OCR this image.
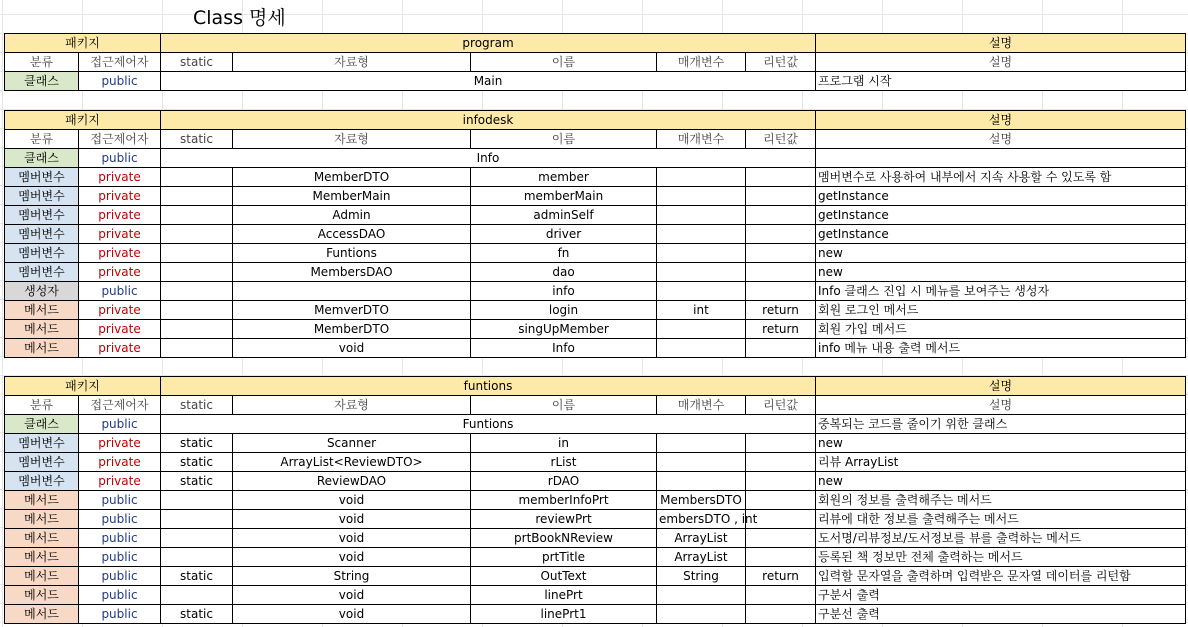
Class 명세
패키지		program					설명
분류	접근제어자	static	자료형	이름	매개변수	리턴값	설명
클래스	public	Main					프로그램 시작
패키지		infodesk					설명
분류	접근제어자	static	자료형	이름	매개변수	리턴값	설명
클래스	public	Info					
멤버변수	private		MemberDTO	member			멤버변수로 사용하여 내부에서 지속 사용할 수 있도록 함
멤버변수	private		MemberMain	memberMain			getInstance
멤버변수	private		Admin	adminSelf			getInstance
멤버변수	private		AccessDAO	driver			getInstance
멤버변수	private		Funtions	fn			new
멤버변수	private		MembersDAO	dao			new
생성자	public			info			Info 클래스 진입 시 메뉴를 보여주는 생성자
메서드	private		MemverDTO	login	int	return	회원 로그인 메서드
메서드	private		MemberDTO	singUpMember		return	회원 가입 메서드
메서드	private		void	Info			info 메뉴 내용 출력 메서드
패키지		funtions					설명
분류	접근제어자	static	자료형	이름	매개변수	리턴값	설명
클래스	public	Funtions					중복되는 코드를 줄이기 위한 클래스
멤버변수	private	static	Scanner	in			new
멤버변수	private	static	ArrayList<ReviewDTO>	rList			리뷰 ArrayList
멤버변수	private	static	ReviewDAO	rDAO			new
메서드	public		void	memberInfoPrt	MembersDTO		회원의 정보를 출력해주는 메서드
메서드	public		void	reviewPrt	embersDTO , int		리뷰에 대한 정보를 출력해주는 메서드
메서드	public		void	prtBookNReview	ArrayList		도서명/리뷰정보/도서정보를 뷰를 출력하는 메서드
메서드	public		void	prtTitle	ArrayList		등록된 책 정보만 전체 출력하는 메서드
메서드	public	static	String	OutText	String	return	입력할 문자열을 출력하며 입력받은 문자열 데이터를 리턴함
메서드	public		void	linePrt			구분서 출력
메서드	public	static	void	linePrt1			구분선 출력
